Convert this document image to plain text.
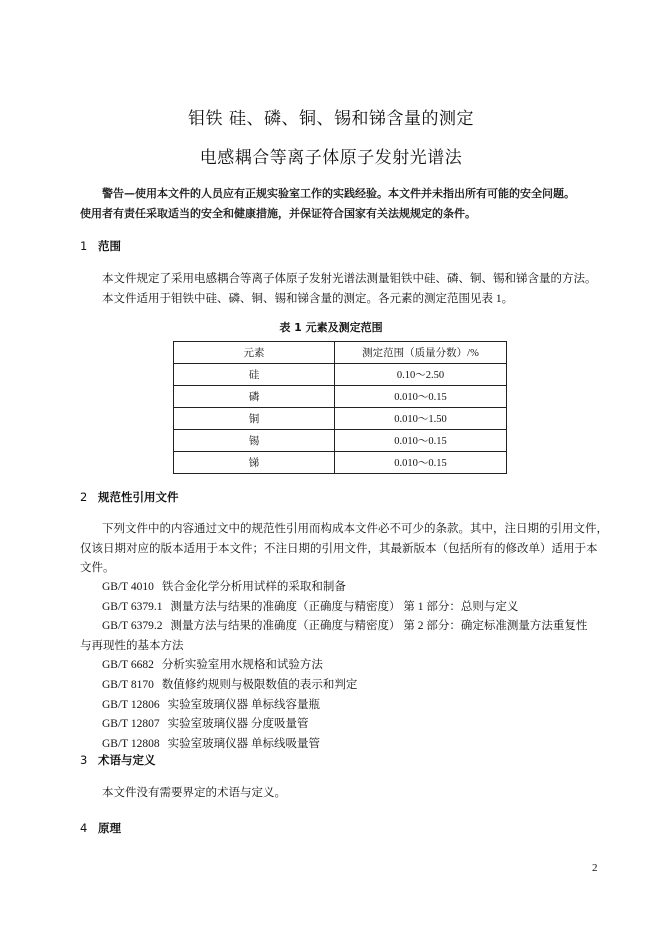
钼铁 硅、磷、铜、锡和锑含量的测定
电感耦合等离子体原子发射光谱法

警告—使用本文件的人员应有正规实验室工作的实践经验。本文件并未指出所有可能的安全问题。

使用者有责任采取适当的安全和健康措施，并保证符合国家有关法规规定的条件。

1 范围

本文件规定了采用电感耦合等离子体原子发射光谱法测量钼铁中硅、磷、铜、锡和锑含量的方法。

本文件适用于钼铁中硅、磷、铜、锡和锑含量的测定。各元素的测定范围见表 1。

表 1 元素及测定范围
元素	测定范围（质量分数）/%
硅	0.10～2.50
磷	0.010～0.15
铜	0.010～1.50
锡	0.010～0.15
锑	0.010～0.15
2 规范性引用文件

下列文件中的内容通过文中的规范性引用而构成本文件必不可少的条款。其中，注日期的引用文件，

仅该日期对应的版本适用于本文件；不注日期的引用文件，其最新版本（包括所有的修改单）适用于本

文件。

GB/T 4010 铁合金化学分析用试样的采取和制备

GB/T 6379.1 测量方法与结果的准确度（正确度与精密度） 第 1 部分：总则与定义

GB/T 6379.2 测量方法与结果的准确度（正确度与精密度） 第 2 部分：确定标准测量方法重复性

与再现性的基本方法

GB/T 6682 分析实验室用水规格和试验方法

GB/T 8170 数值修约规则与极限数值的表示和判定

GB/T 12806 实验室玻璃仪器 单标线容量瓶

GB/T 12807 实验室玻璃仪器 分度吸量管

GB/T 12808 实验室玻璃仪器 单标线吸量管

3 术语与定义

本文件没有需要界定的术语与定义。

4 原理
2
